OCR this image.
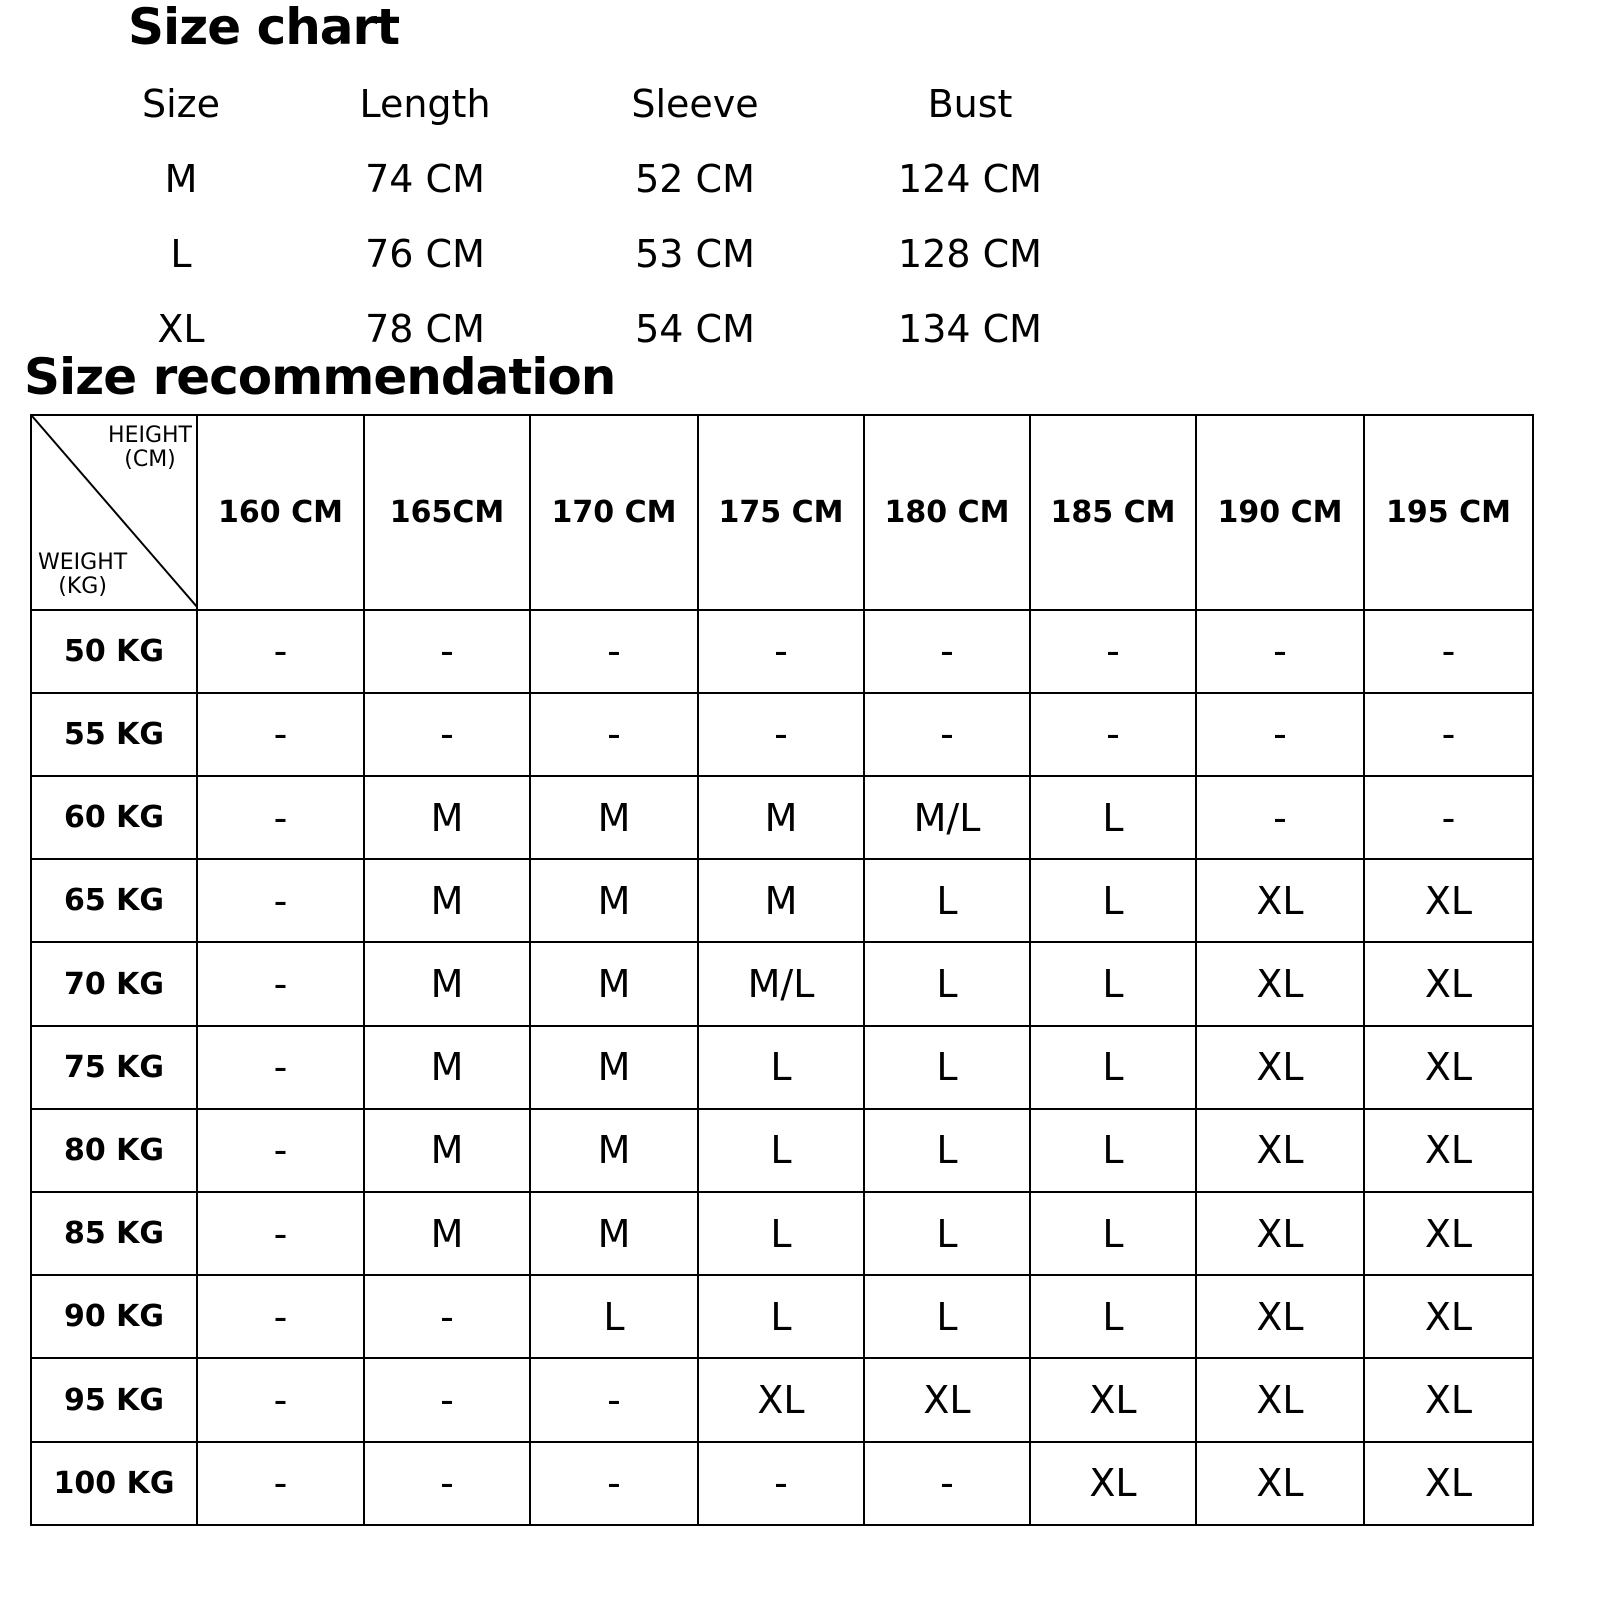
Size chart
Size	Length	Sleeve	Bust
M	74 CM	52 CM	124 CM
L	76 CM	53 CM	128 CM
XL	78 CM	54 CM	134 CM
Size recommendation
HEIGHT
(CM)
WEIGHT
(KG)	160 CM	165CM	170 CM	175 CM	180 CM	185 CM	190 CM	195 CM
50 KG	-	-	-	-	-	-	-	-
55 KG	-	-	-	-	-	-	-	-
60 KG	-	M	M	M	M/L	L	-	-
65 KG	-	M	M	M	L	L	XL	XL
70 KG	-	M	M	M/L	L	L	XL	XL
75 KG	-	M	M	L	L	L	XL	XL
80 KG	-	M	M	L	L	L	XL	XL
85 KG	-	M	M	L	L	L	XL	XL
90 KG	-	-	L	L	L	L	XL	XL
95 KG	-	-	-	XL	XL	XL	XL	XL
100 KG	-	-	-	-	-	XL	XL	XL
